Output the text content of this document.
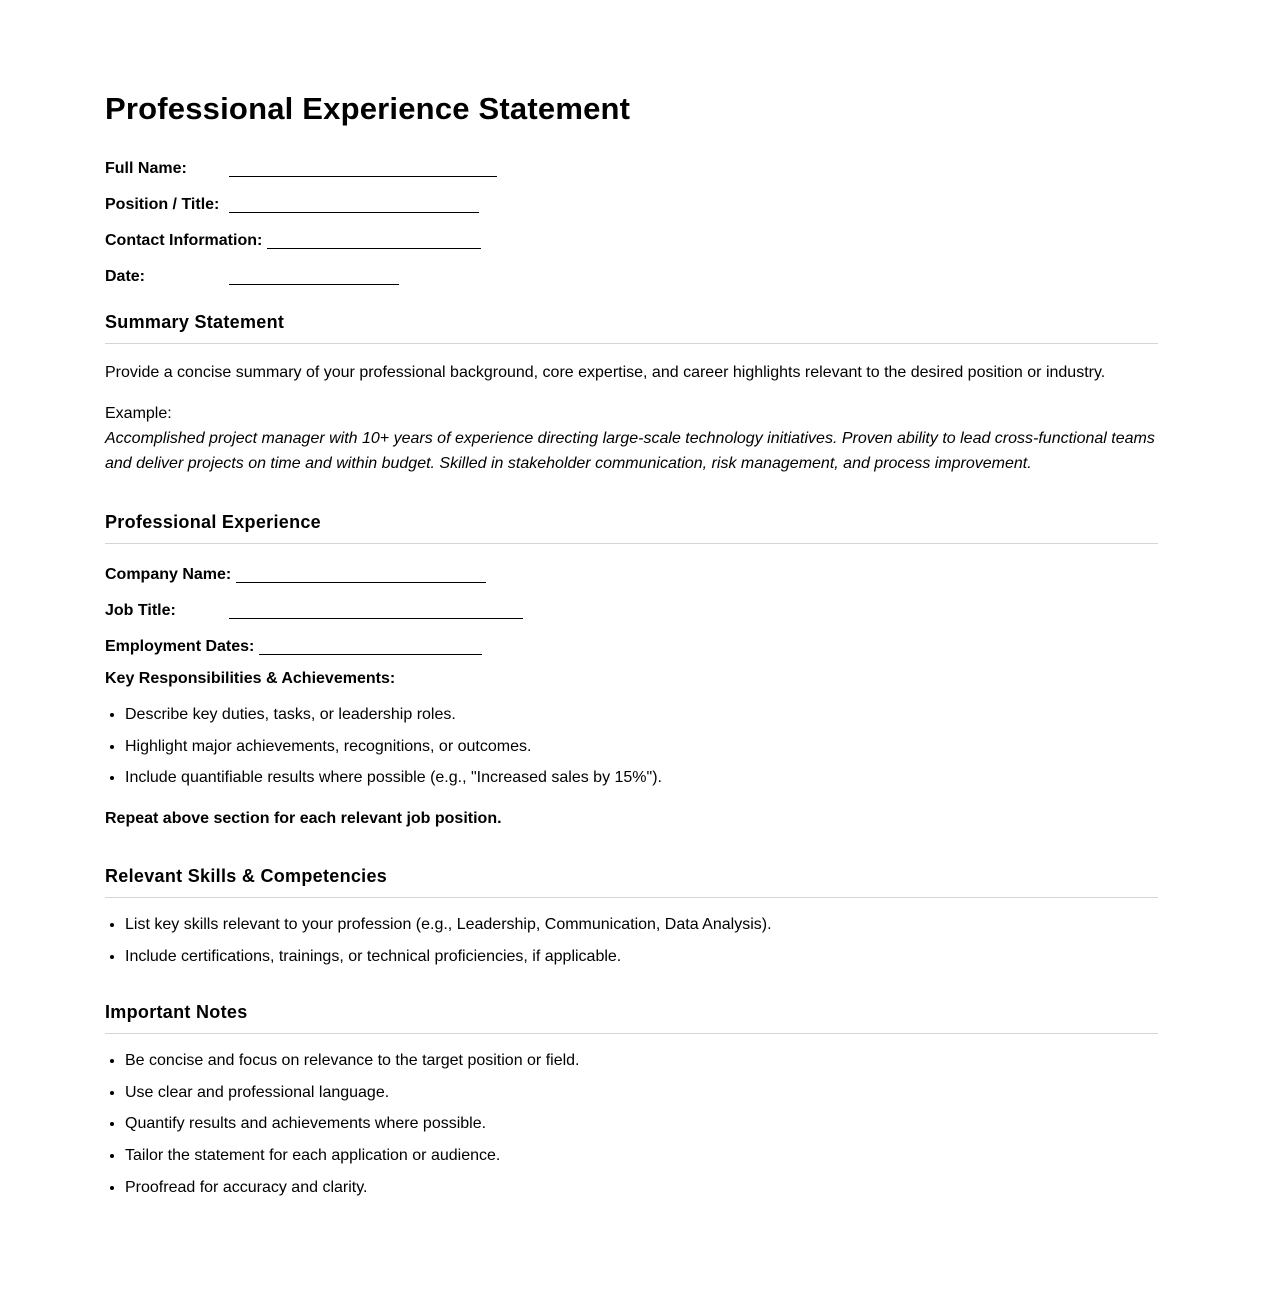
Professional Experience Statement
Full Name:
Position / Title:
Contact Information:
Date:
Summary Statement

Provide a concise summary of your professional background, core expertise, and career highlights relevant to the desired position or industry.

Example:

Accomplished project manager with 10+ years of experience directing large-scale technology initiatives. Proven ability to lead cross-functional teams and deliver projects on time and within budget. Skilled in stakeholder communication, risk management, and process improvement.

Professional Experience
Company Name:
Job Title:
Employment Dates:
Key Responsibilities & Achievements:
• Describe key duties, tasks, or leadership roles.
• Highlight major achievements, recognitions, or outcomes.
• Include quantifiable results where possible (e.g., "Increased sales by 15%").

Repeat above section for each relevant job position.

Relevant Skills & Competencies
• List key skills relevant to your profession (e.g., Leadership, Communication, Data Analysis).
• Include certifications, trainings, or technical proficiencies, if applicable.
Important Notes
• Be concise and focus on relevance to the target position or field.
• Use clear and professional language.
• Quantify results and achievements where possible.
• Tailor the statement for each application or audience.
• Proofread for accuracy and clarity.
